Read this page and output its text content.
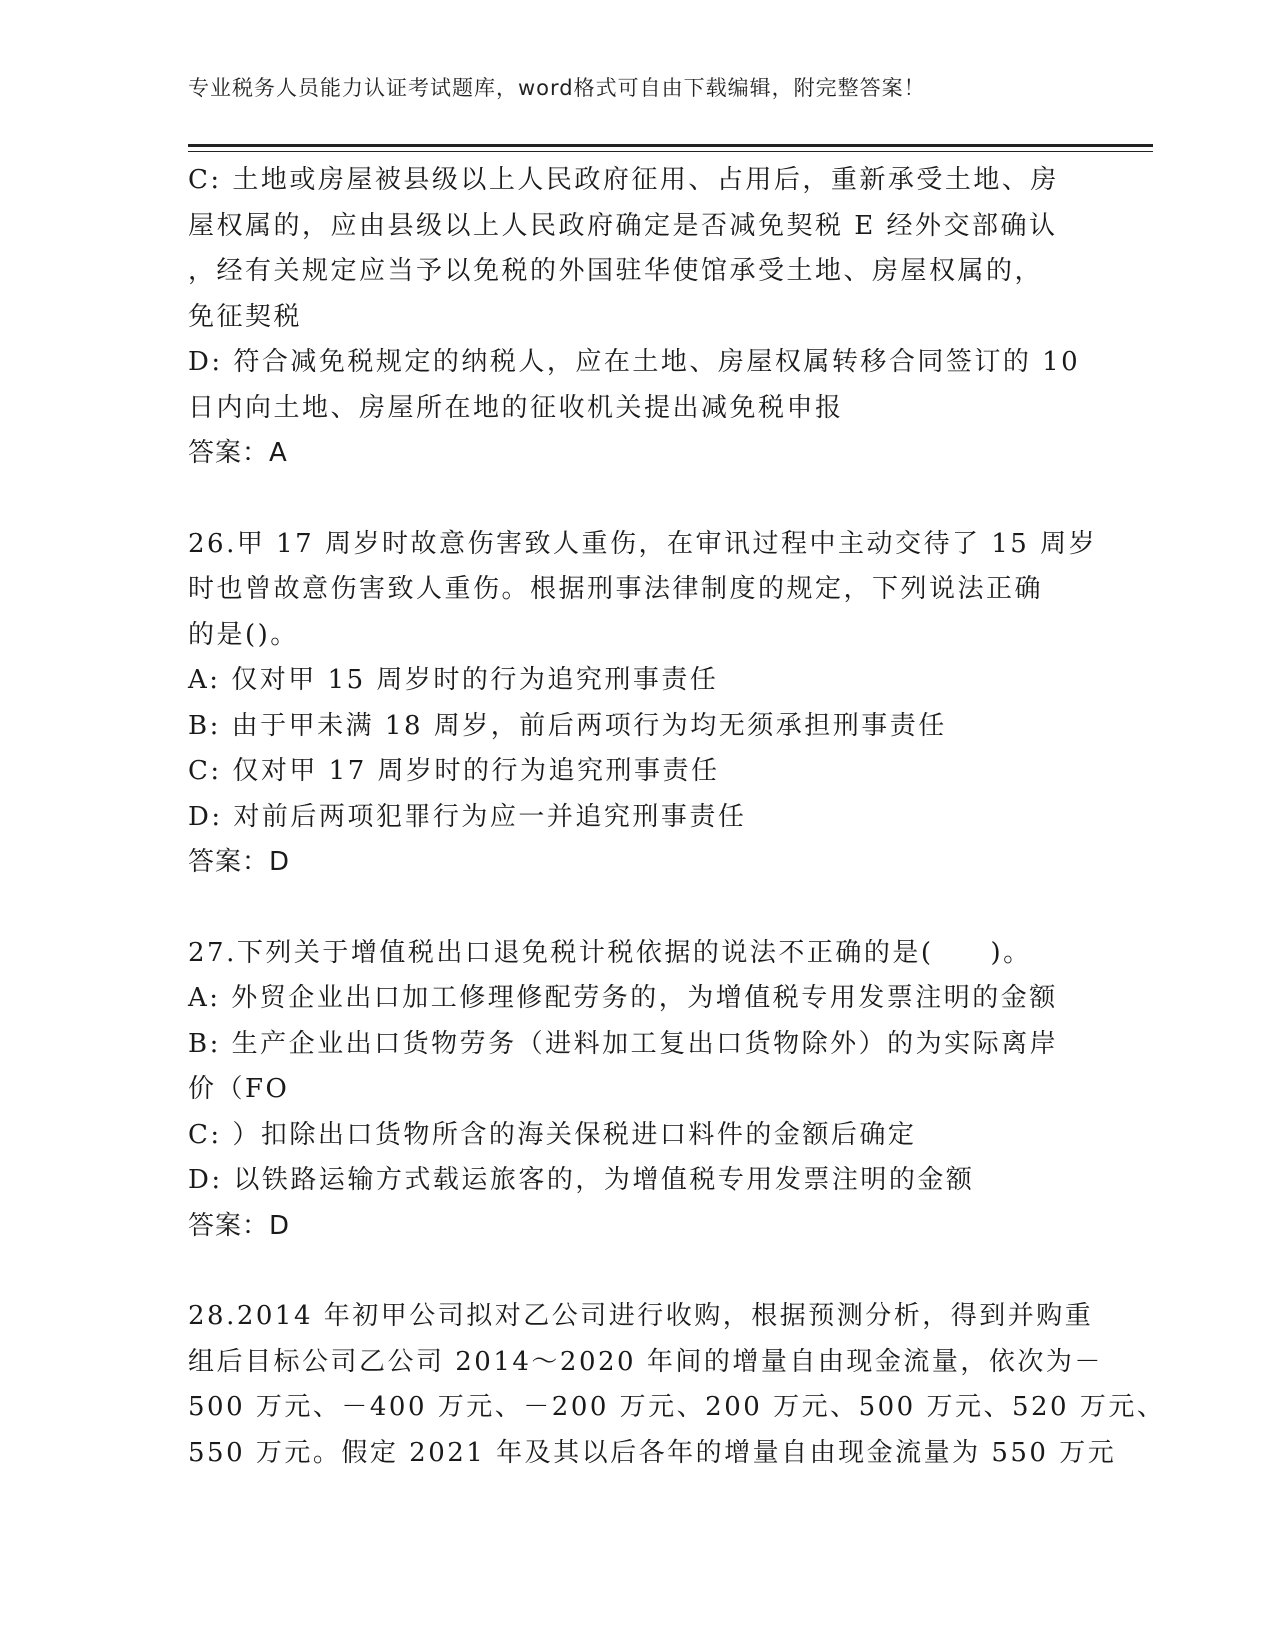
专业税务人员能力认证考试题库，word格式可自由下载编辑，附完整答案！
C: 土地或房屋被县级以上人民政府征用、占用后，重新承受土地、房
屋权属的，应由县级以上人民政府确定是否减免契税 E 经外交部确认
，经有关规定应当予以免税的外国驻华使馆承受土地、房屋权属的，
免征契税
D: 符合减免税规定的纳税人，应在土地、房屋权属转移合同签订的 10
日内向土地、房屋所在地的征收机关提出减免税申报
答案：A
26.甲 17 周岁时故意伤害致人重伤，在审讯过程中主动交待了 15 周岁
时也曾故意伤害致人重伤。根据刑事法律制度的规定，下列说法正确
的是()。
A: 仅对甲 15 周岁时的行为追究刑事责任
B: 由于甲未满 18 周岁，前后两项行为均无须承担刑事责任
C: 仅对甲 17 周岁时的行为追究刑事责任
D: 对前后两项犯罪行为应一并追究刑事责任
答案：D
27.下列关于增值税出口退免税计税依据的说法不正确的是(　　)。
A: 外贸企业出口加工修理修配劳务的，为增值税专用发票注明的金额
B: 生产企业出口货物劳务（进料加工复出口货物除外）的为实际离岸
价（FO
C: ）扣除出口货物所含的海关保税进口料件的金额后确定
D: 以铁路运输方式载运旅客的，为增值税专用发票注明的金额
答案：D
28.2014 年初甲公司拟对乙公司进行收购，根据预测分析，得到并购重
组后目标公司乙公司 2014～2020 年间的增量自由现金流量，依次为－
500 万元、－400 万元、－200 万元、200 万元、500 万元、520 万元、
550 万元。假定 2021 年及其以后各年的增量自由现金流量为 550 万元
